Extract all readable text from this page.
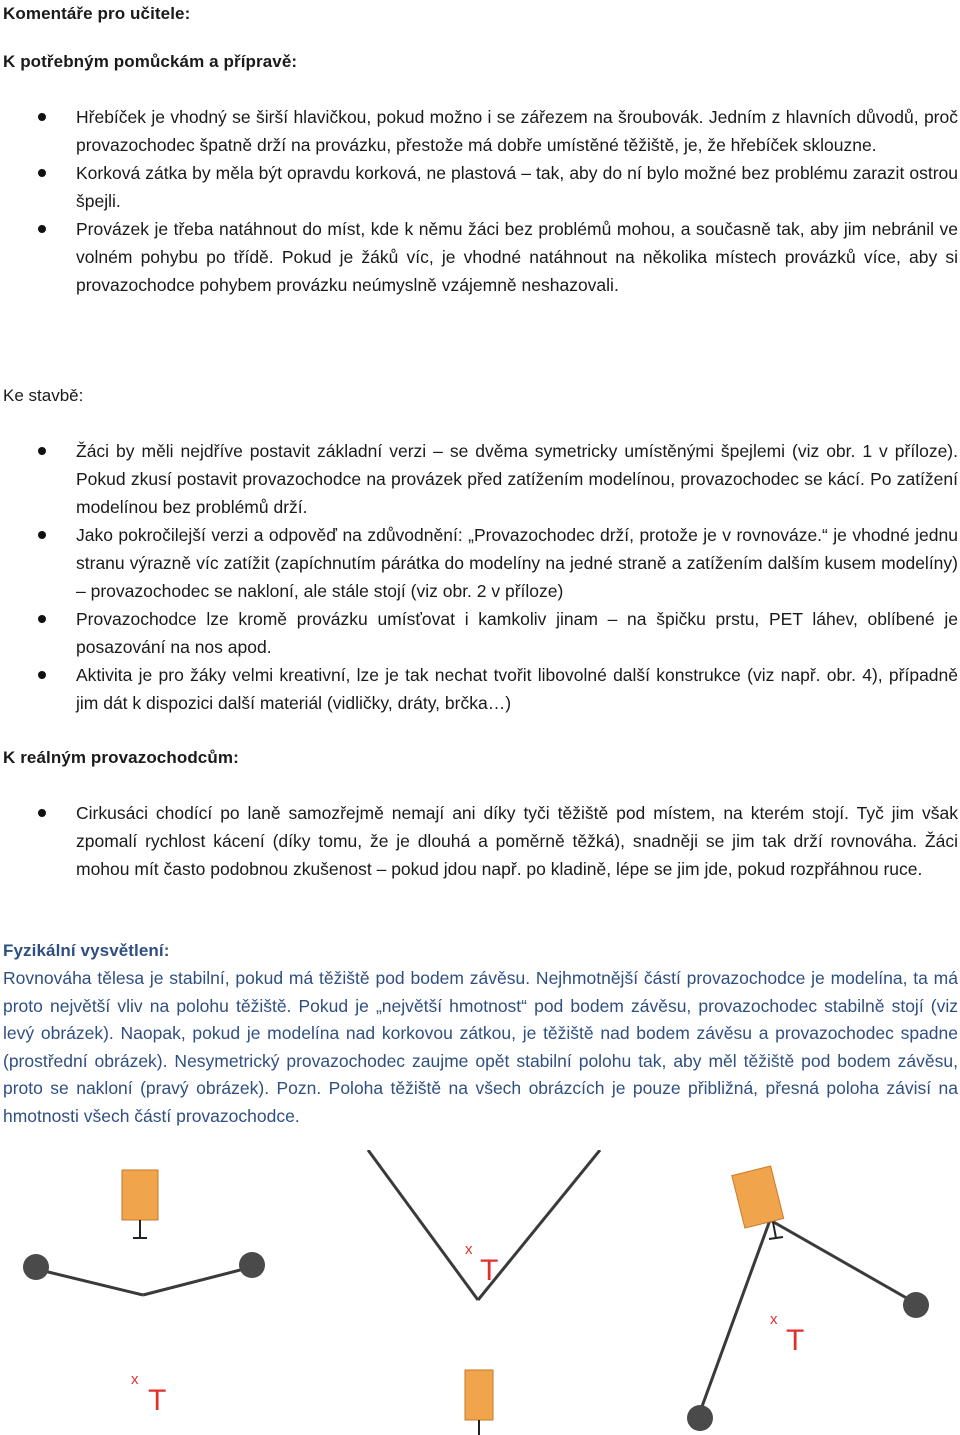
Komentáře pro učitele:

K potřebným pomůckám a přípravě:

Hřebíček je vhodný se širší hlavičkou, pokud možno i se zářezem na šroubovák. Jedním z hlavních důvodů, proč provazochodec špatně drží na provázku, přestože má dobře umístěné těžiště, je, že hřebíček sklouzne.
Korková zátka by měla být opravdu korková, ne plastová – tak, aby do ní bylo možné bez problému zarazit ostrou špejli.
Provázek je třeba natáhnout do míst, kde k němu žáci bez problémů mohou, a současně tak, aby jim nebránil ve volném pohybu po třídě. Pokud je žáků víc, je vhodné natáhnout na několika místech provázků více, aby si provazochodce pohybem provázku neúmyslně vzájemně neshazovali.

Ke stavbě:

Žáci by měli nejdříve postavit základní verzi – se dvěma symetricky umístěnými špejlemi (viz obr. 1 v příloze). Pokud zkusí postavit provazochodce na provázek před zatížením modelínou, provazochodec se kácí. Po zatížení modelínou bez problémů drží.
Jako pokročilejší verzi a odpověď na zdůvodnění: „Provazochodec drží, protože je v rovnováze.“ je vhodné jednu stranu výrazně víc zatížit (zapíchnutím párátka do modelíny na jedné straně a zatížením dalším kusem modelíny) – provazochodec se nakloní, ale stále stojí (viz obr. 2 v příloze)
Provazochodce lze kromě provázku umísťovat i kamkoliv jinam – na špičku prstu, PET láhev, oblíbené je posazování na nos apod.
Aktivita je pro žáky velmi kreativní, lze je tak nechat tvořit libovolné další konstrukce (viz např. obr. 4), případně jim dát k dispozici další materiál (vidličky, dráty, brčka…)

K reálným provazochodcům:

Cirkusáci chodící po laně samozřejmě nemají ani díky tyči těžiště pod místem, na kterém stojí. Tyč jim však zpomalí rychlost kácení (díky tomu, že je dlouhá a poměrně těžká), snadněji se jim tak drží rovnováha. Žáci mohou mít často podobnou zkušenost – pokud jdou např. po kladině, lépe se jim jde, pokud rozpřáhnou ruce.

Fyzikální vysvětlení:

Rovnováha tělesa je stabilní, pokud má těžiště pod bodem závěsu. Nejhmotnější částí provazochodce je modelína, ta má proto největší vliv na polohu těžiště. Pokud je „největší hmotnost“ pod bodem závěsu, provazochodec stabilně stojí (viz levý obrázek). Naopak, pokud je modelína nad korkovou zátkou, je těžiště nad bodem závěsu a provazochodec spadne (prostřední obrázek). Nesymetrický provazochodec zaujme opět stabilní polohu tak, aby měl těžiště pod bodem závěsu, proto se nakloní (pravý obrázek). Pozn. Poloha těžiště na všech obrázcích je pouze přibližná, přesná poloha závisí na hmotnosti všech částí provazochodce.

x
T
x
T
x
T
